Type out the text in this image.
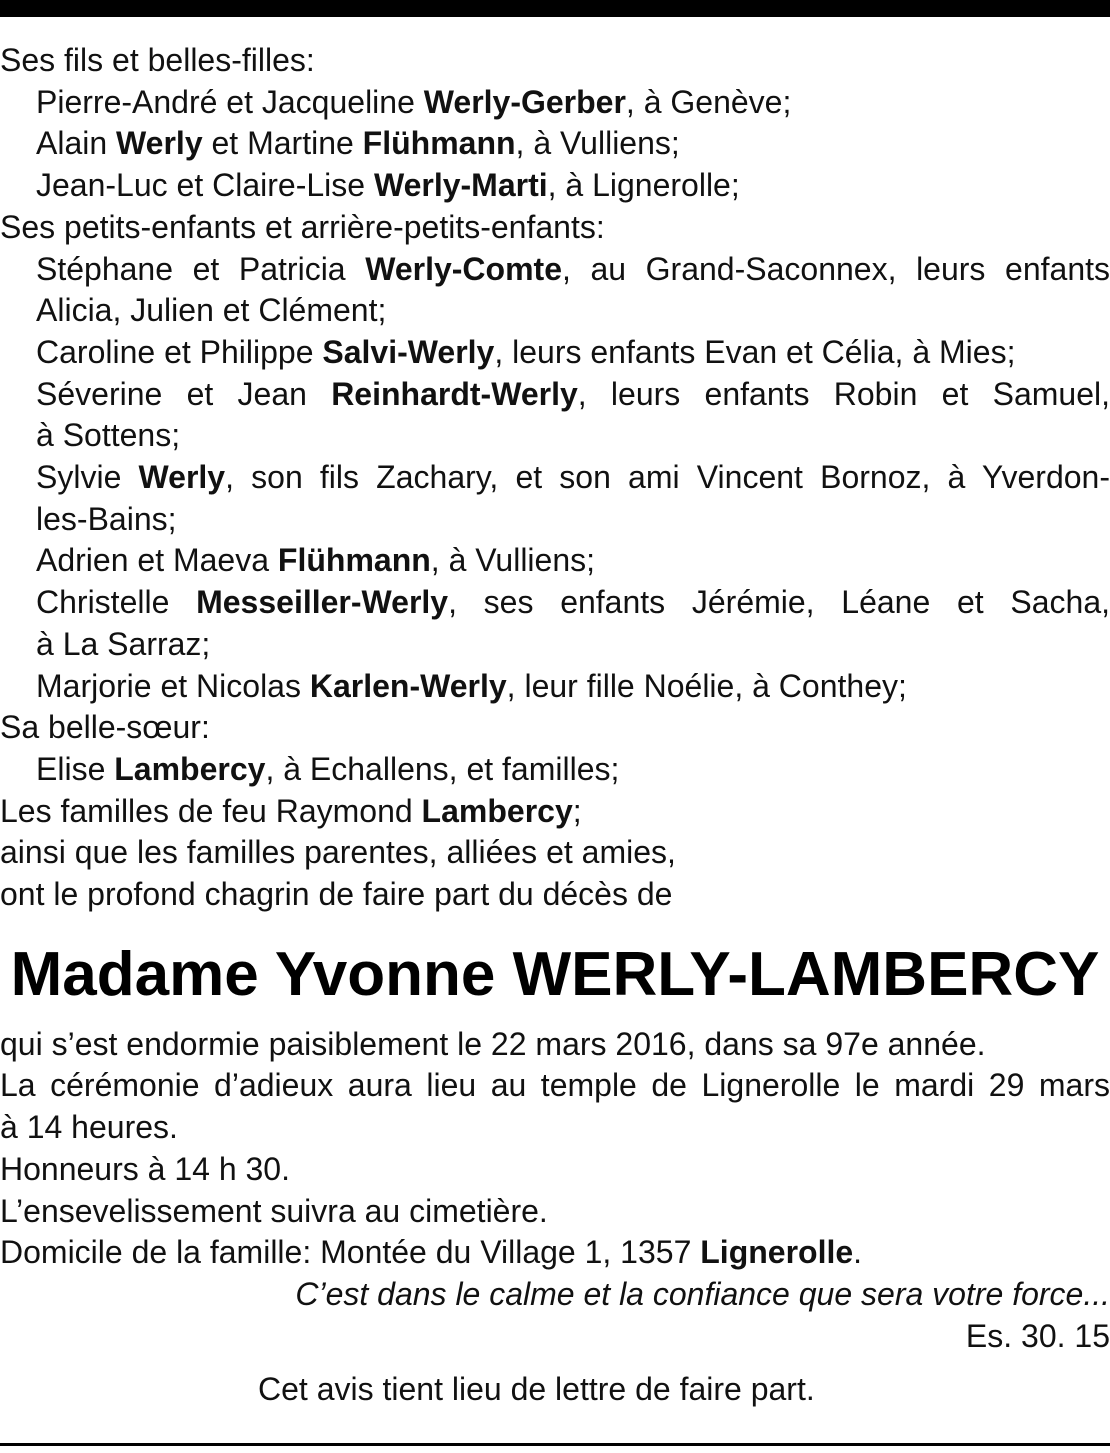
Ses fils et belles-filles:
Pierre-André et Jacqueline Werly-Gerber, à Genève;
Alain Werly et Martine Flühmann, à Vulliens;
Jean-Luc et Claire-Lise Werly-Marti, à Lignerolle;
Ses petits-enfants et arrière-petits-enfants:
Stéphane et Patricia Werly-Comte, au Grand-Saconnex, leurs enfants
Alicia, Julien et Clément;
Caroline et Philippe Salvi-Werly, leurs enfants Evan et Célia, à Mies;
Séverine et Jean Reinhardt-Werly, leurs enfants Robin et Samuel,
à Sottens;
Sylvie Werly, son fils Zachary, et son ami Vincent Bornoz, à Yverdon-
les-Bains;
Adrien et Maeva Flühmann, à Vulliens;
Christelle Messeiller-Werly, ses enfants Jérémie, Léane et Sacha,
à La Sarraz;
Marjorie et Nicolas Karlen-Werly, leur fille Noélie, à Conthey;
Sa belle-sœur:
Elise Lambercy, à Echallens, et familles;
Les familles de feu Raymond Lambercy;
ainsi que les familles parentes, alliées et amies,
ont le profond chagrin de faire part du décès de
Madame Yvonne WERLY-LAMBERCY
qui s’est endormie paisiblement le 22 mars 2016, dans sa 97e année.
La cérémonie d’adieux aura lieu au temple de Lignerolle le mardi 29 mars
à 14 heures.
Honneurs à 14 h 30.
L’ensevelissement suivra au cimetière.
Domicile de la famille: Montée du Village 1, 1357 Lignerolle.
C’est dans le calme et la confiance que sera votre force...
Es. 30. 15
Cet avis tient lieu de lettre de faire part.
